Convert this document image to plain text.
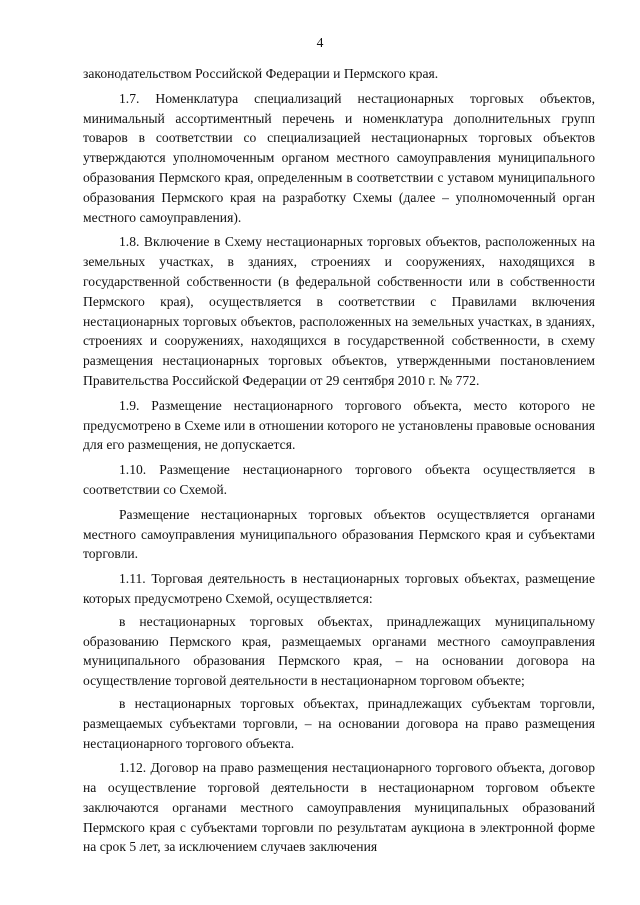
4

законодательством Российской Федерации и Пермского края.

1.7. Номенклатура специализаций нестационарных торговых объектов, минимальный ассортиментный перечень и номенклатура дополнительных групп товаров в соответствии со специализацией нестационарных торговых объектов утверждаются уполномоченным органом местного самоуправления муниципального образования Пермского края, определенным в соответствии с уставом муниципального образования Пермского края на разработку Схемы (далее – уполномоченный орган местного самоуправления).

1.8. Включение в Схему нестационарных торговых объектов, расположенных на земельных участках, в зданиях, строениях и сооружениях, находящихся в государственной собственности (в федеральной собственности или в собственности Пермского края), осуществляется в соответствии с Правилами включения нестационарных торговых объектов, расположенных на земельных участках, в зданиях, строениях и сооружениях, находящихся в государственной собственности, в схему размещения нестационарных торговых объектов, утвержденными постановлением Правительства Российской Федерации от 29 сентября 2010 г. № 772.

1.9. Размещение нестационарного торгового объекта, место которого не предусмотрено в Схеме или в отношении которого не установлены правовые основания для его размещения, не допускается.

1.10. Размещение нестационарного торгового объекта осуществляется в соответствии со Схемой.

Размещение нестационарных торговых объектов осуществляется органами местного самоуправления муниципального образования Пермского края и субъектами торговли.

1.11. Торговая деятельность в нестационарных торговых объектах, размещение которых предусмотрено Схемой, осуществляется:

в нестационарных торговых объектах, принадлежащих муниципальному образованию Пермского края, размещаемых органами местного самоуправления муниципального образования Пермского края, – на основании договора на осуществление торговой деятельности в нестационарном торговом объекте;

в нестационарных торговых объектах, принадлежащих субъектам торговли, размещаемых субъектами торговли, – на основании договора на право размещения нестационарного торгового объекта.

1.12. Договор на право размещения нестационарного торгового объекта, договор на осуществление торговой деятельности в нестационарном торговом объекте заключаются органами местного самоуправления муниципальных образований Пермского края с субъектами торговли по результатам аукциона в электронной форме на срок 5 лет, за исключением случаев заключения
